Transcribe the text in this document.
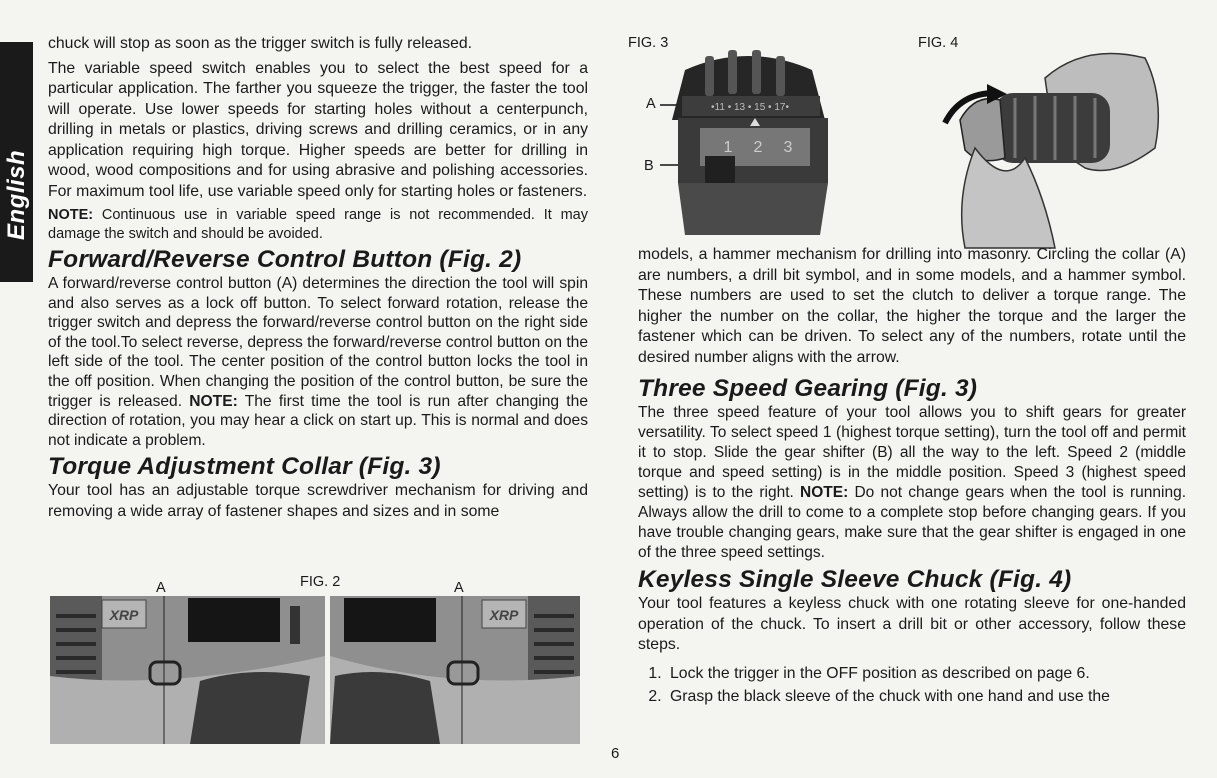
English

chuck will stop as soon as the trigger switch is fully released.

The variable speed switch enables you to select the best speed for a particular application. The farther you squeeze the trigger, the faster the tool will operate. Use lower speeds for starting holes without a centerpunch, drilling in metals or plastics, driving screws and drilling ceramics, or in any application requiring high torque. Higher speeds are better for drilling in wood, wood compositions and for using abrasive and polishing accessories. For maximum tool life, use variable speed only for starting holes or fasteners.

NOTE: Continuous use in variable speed range is not recommended. It may damage the switch and should be avoided.

Forward/Reverse Control Button (Fig. 2)

A forward/reverse control button (A) determines the direction the tool will spin and also serves as a lock off button. To select forward rotation, release the trigger switch and depress the forward/reverse control button on the right side of the tool.To select reverse, depress the forward/reverse control button on the left side of the tool. The center position of the control button locks the tool in the off position. When changing the position of the control button, be sure the trigger is released. NOTE: The first time the tool is run after changing the direction of rotation, you may hear a click on start up. This is normal and does not indicate a problem.

Torque Adjustment Collar (Fig. 3)

Your tool has an adjustable torque screwdriver mechanism for driving and removing a wide array of fastener shapes and sizes and in some

FIG. 2
A	A
XRP	XRP
FIG. 3
A
B
•11 • 13 • 15 • 17•
1 2 3
FIG. 4

models, a hammer mechanism for drilling into masonry. Circling the collar (A) are numbers, a drill bit symbol, and in some models, and a hammer symbol. These numbers are used to set the clutch to deliver a torque range. The higher the number on the collar, the higher the torque and the larger the fastener which can be driven. To select any of the numbers, rotate until the desired number aligns with the arrow.

Three Speed Gearing (Fig. 3)

The three speed feature of your tool allows you to shift gears for greater versatility. To select speed 1 (highest torque setting), turn the tool off and permit it to stop. Slide the gear shifter (B) all the way to the left. Speed 2 (middle torque and speed setting) is in the middle position. Speed 3 (highest speed setting) is to the right. NOTE: Do not change gears when the tool is running. Always allow the drill to come to a complete stop before changing gears. If you have trouble changing gears, make sure that the gear shifter is engaged in one of the three speed settings.

Keyless Single Sleeve Chuck (Fig. 4)

Your tool features a keyless chuck with one rotating sleeve for one-handed operation of the chuck. To insert a drill bit or other accessory, follow these steps.

1. Lock the trigger in the OFF position as described on page 6.
2. Grasp the black sleeve of the chuck with one hand and use the
6
